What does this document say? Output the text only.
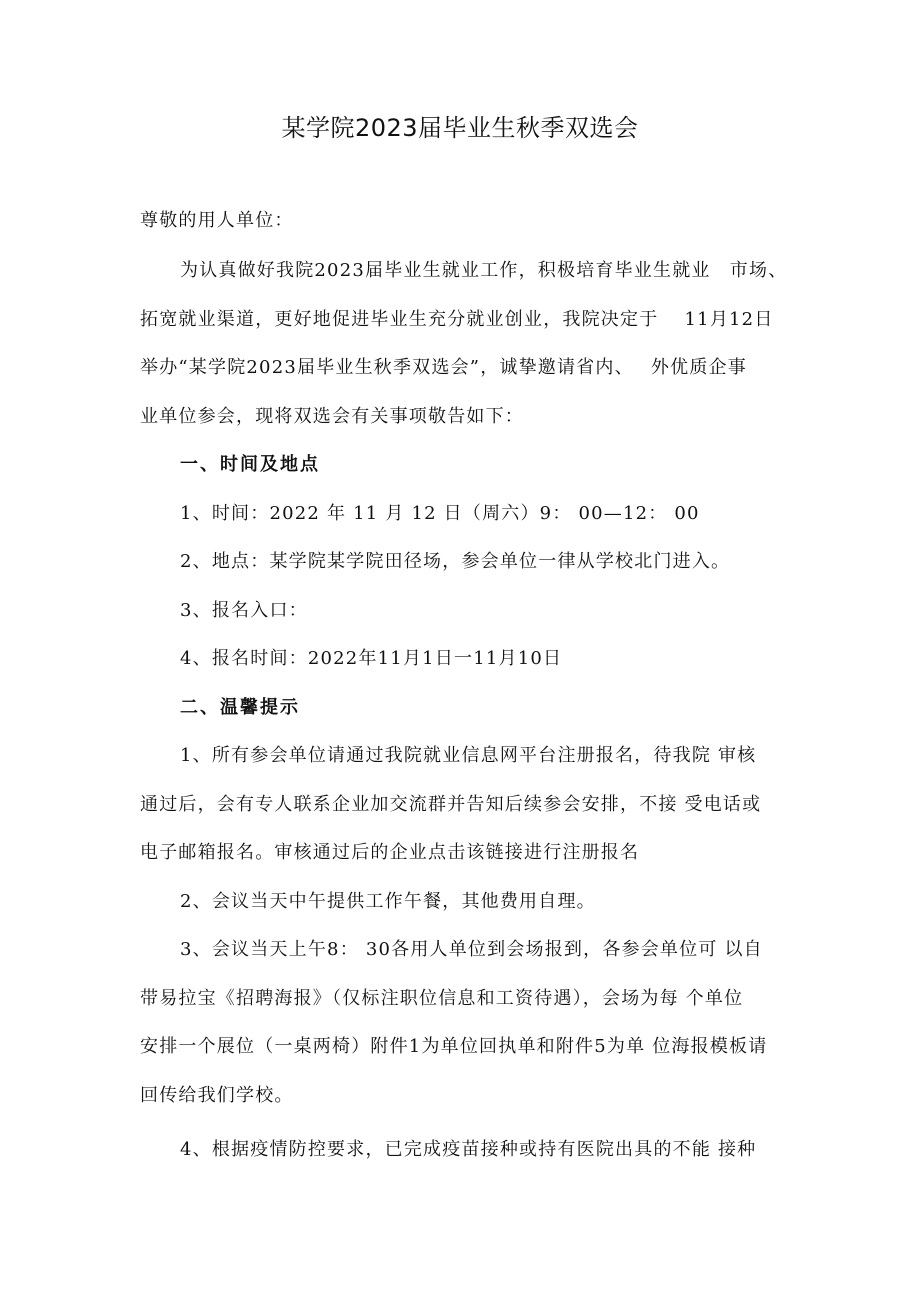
某学院2023届毕业生秋季双选会
尊敬的用人单位：
为认真做好我院2023届毕业生就业工作，积极培育毕业生就业　市场、
拓宽就业渠道，更好地促进毕业生充分就业创业，我院决定于　 11月12日
举办“某学院2023届毕业生秋季双选会”，诚挚邀请省内、　 外优质企事
业单位参会，现将双选会有关事项敬告如下：
一、时间及地点
1、时间：2022 年 11 月 12 日（周六）9： 00—12： 00
2、地点：某学院某学院田径场，参会单位一律从学校北门进入。
3、报名入口：
4、报名时间：2022年11月1日一11月10日
二、温馨提示
1、所有参会单位请通过我院就业信息网平台注册报名，待我院 审核
通过后，会有专人联系企业加交流群并告知后续参会安排，不接 受电话或
电子邮箱报名。审核通过后的企业点击该链接进行注册报名
2、会议当天中午提供工作午餐，其他费用自理。
3、会议当天上午8： 30各用人单位到会场报到，各参会单位可 以自
带易拉宝《招聘海报》（仅标注职位信息和工资待遇），会场为每 个单位
安排一个展位（一桌两椅）附件1为单位回执单和附件5为单 位海报模板请
回传给我们学校。
4、根据疫情防控要求，已完成疫苗接种或持有医院出具的不能 接种
